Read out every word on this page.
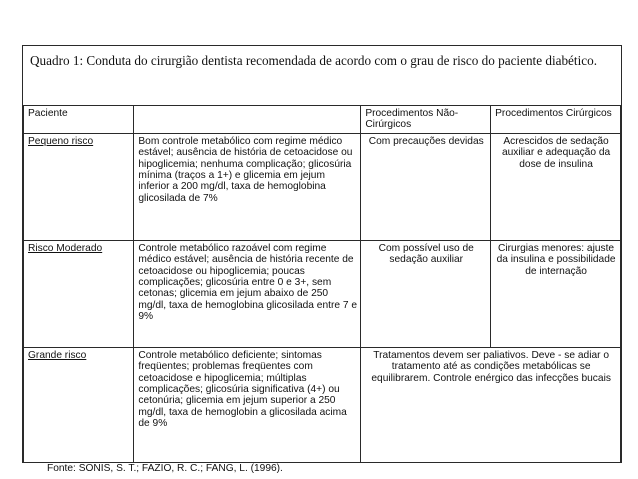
Quadro 1: Conduta do cirurgião dentista recomendada de acordo com o grau de risco do paciente diabético.
Paciente		Procedimentos Não-Cirúrgicos	Procedimentos Cirúrgicos
Pequeno risco	Bom controle metabólico com regime médico estável; ausência de história de cetoacidose ou hipoglicemia; nenhuma complicação; glicosúria mínima (traços a 1+) e glicemia em jejum inferior a 200 mg/dl, taxa de hemoglobina glicosilada de 7%	Com precauções devidas	Acrescidos de sedação auxiliar e adequação da dose de insulina
Risco Moderado	Controle metabólico razoável com regime médico estável; ausência de história recente de cetoacidose ou hipoglicemia; poucas complicações; glicosúria entre 0 e 3+, sem cetonas; glicemia em jejum abaixo de 250 mg/dl, taxa de hemoglobina glicosilada entre 7 e 9%	Com possível uso de sedação auxiliar	Cirurgias menores: ajuste da insulina e possibilidade de internação
Grande risco	Controle metabólico deficiente; sintomas freqüentes; problemas freqüentes com cetoacidose e hipoglicemia; múltiplas complicações; glicosúria significativa (4+) ou cetonúria; glicemia em jejum superior a 250 mg/dl, taxa de hemoglobin a glicosilada acima de 9%	Tratamentos devem ser paliativos. Deve - se adiar o tratamento até as condições metabólicas se equilibrarem. Controle enérgico das infecções bucais	
Fonte: SONIS, S. T.; FAZIO, R. C.; FANG, L. (1996).
